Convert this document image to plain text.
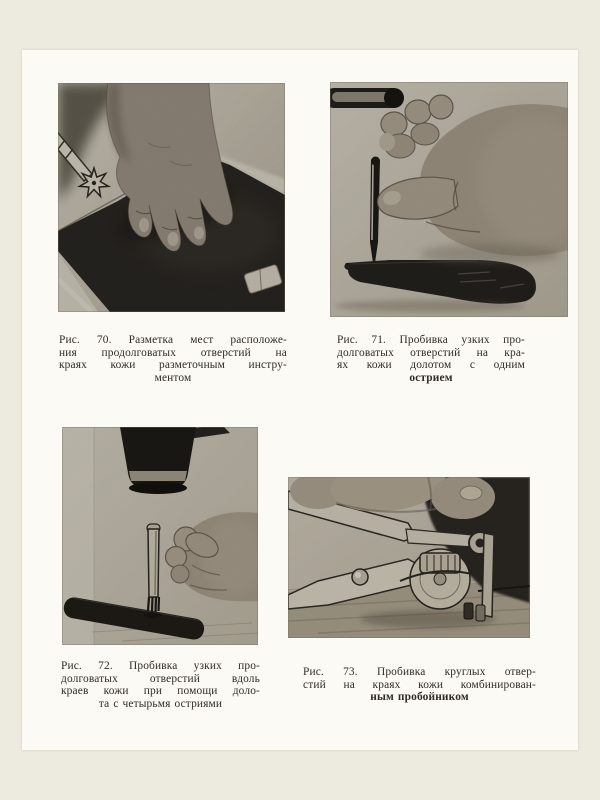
Рис. 70. Разметка мест расположе-
ния продолговатых отверстий на
краях кожи разметочным инстру-
ментом
Рис. 71. Пробивка узких про-
долговатых отверстий на кра-
ях кожи долотом с одним
острием
Рис. 72. Пробивка узких про-
долговатых отверстий вдоль
краев кожи при помощи доло-
та с четырьмя остриями
Рис. 73. Пробивка круглых отвер-
стий на краях кожи комбинирован-
ным пробойником
